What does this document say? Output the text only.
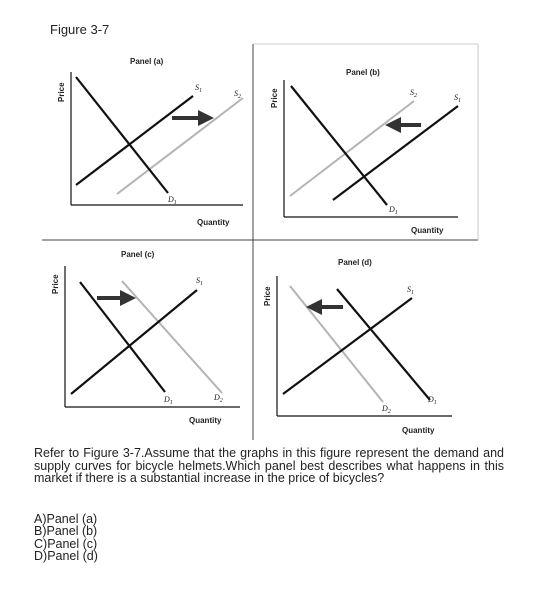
Figure 3-7
Panel (a)
Price
Quantity
$S_1$	$S_2$
$D_1$
Panel (b)
Price
Quantity
$S_2$	$S_1$
$D_1$
Panel (c)
Price
Quantity
$S_1$
$D_1$
$D_2$
Panel (d)
Price
Quantity
$S_1$
$D_1$
$D_2$
Refer to Figure 3-7.Assume that the graphs in this figure represent the demand and supply curves for bicycle helmets.Which panel best describes what happens in this market if there is a substantial increase in the price of bicycles?
A)Panel (a)
B)Panel (b)
C)Panel (c)
D)Panel (d)
